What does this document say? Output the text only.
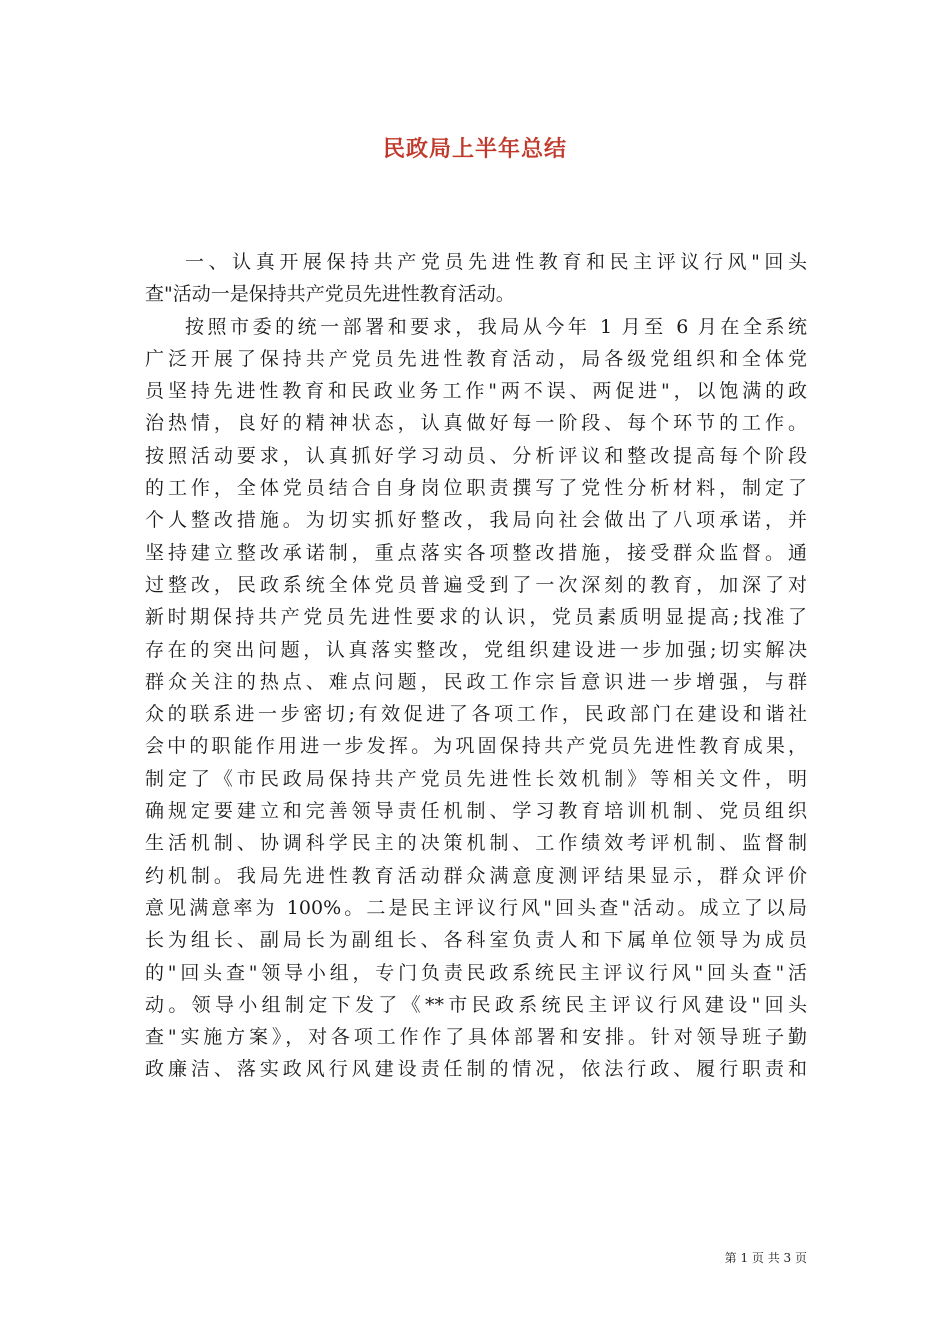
民政局上半年总结
一、认真开展保持共产党员先进性教育和民主评议行风"回头
查"活动一是保持共产党员先进性教育活动。
按照市委的统一部署和要求，我局从今年 1 月至 6 月在全系统
广泛开展了保持共产党员先进性教育活动，局各级党组织和全体党
员坚持先进性教育和民政业务工作"两不误、两促进"，以饱满的政
治热情，良好的精神状态，认真做好每一阶段、每个环节的工作。
按照活动要求，认真抓好学习动员、分析评议和整改提高每个阶段
的工作，全体党员结合自身岗位职责撰写了党性分析材料，制定了
个人整改措施。为切实抓好整改，我局向社会做出了八项承诺，并
坚持建立整改承诺制，重点落实各项整改措施，接受群众监督。通
过整改，民政系统全体党员普遍受到了一次深刻的教育，加深了对
新时期保持共产党员先进性要求的认识，党员素质明显提高;找准了
存在的突出问题，认真落实整改，党组织建设进一步加强;切实解决
群众关注的热点、难点问题，民政工作宗旨意识进一步增强，与群
众的联系进一步密切;有效促进了各项工作，民政部门在建设和谐社
会中的职能作用进一步发挥。为巩固保持共产党员先进性教育成果，
制定了《市民政局保持共产党员先进性长效机制》等相关文件，明
确规定要建立和完善领导责任机制、学习教育培训机制、党员组织
生活机制、协调科学民主的决策机制、工作绩效考评机制、监督制
约机制。我局先进性教育活动群众满意度测评结果显示，群众评价
意见满意率为 100%。二是民主评议行风"回头查"活动。成立了以局
长为组长、副局长为副组长、各科室负责人和下属单位领导为成员
的"回头查"领导小组，专门负责民政系统民主评议行风"回头查"活
动。领导小组制定下发了《**市民政系统民主评议行风建设"回头
查"实施方案》，对各项工作作了具体部署和安排。针对领导班子勤
政廉洁、落实政风行风建设责任制的情况，依法行政、履行职责和
第 1 页 共 3 页
